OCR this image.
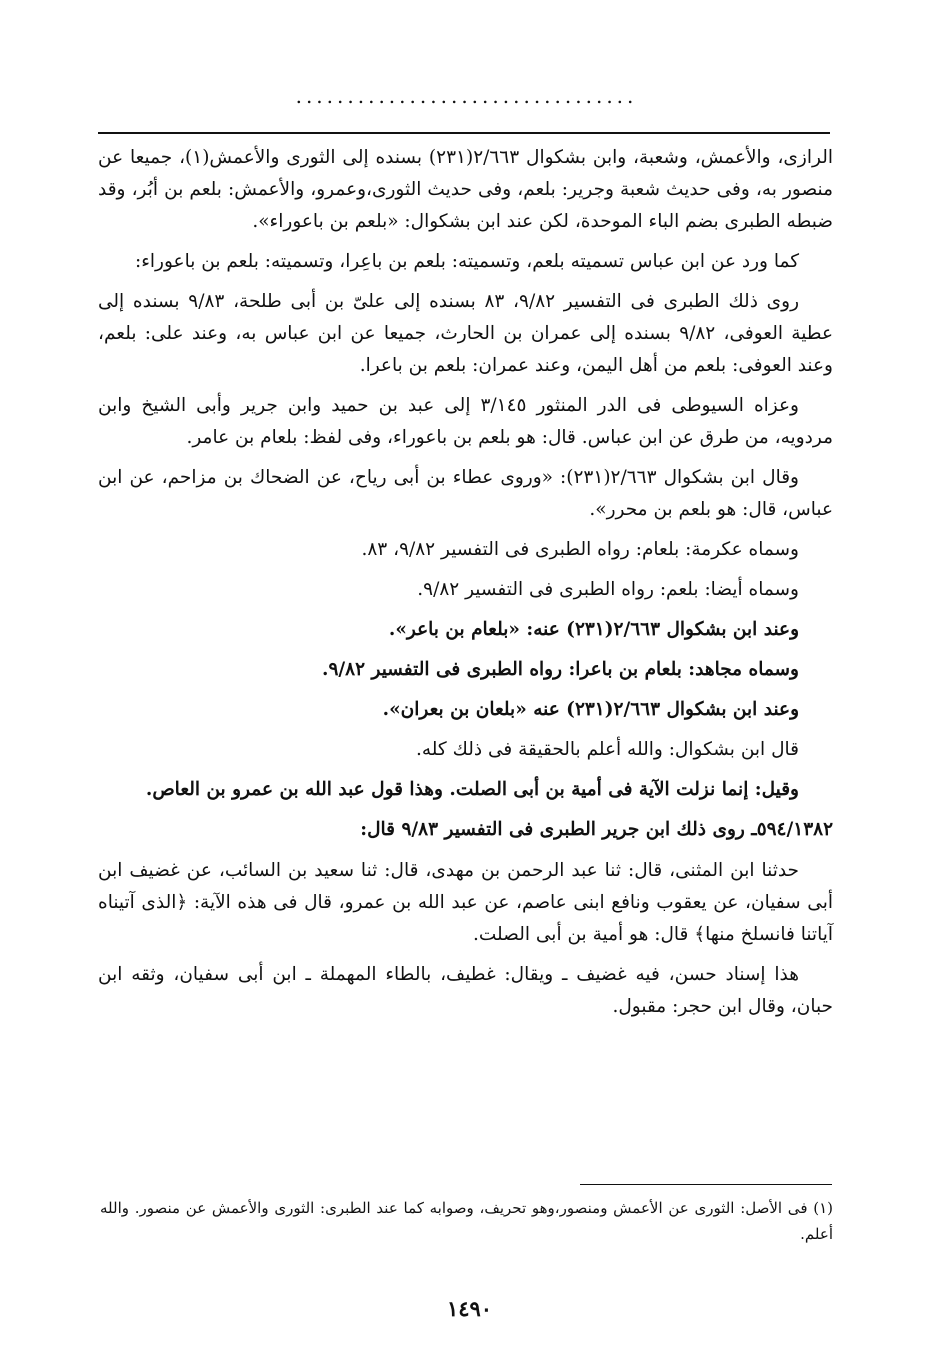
.................................

الرازى، والأعمش، وشعبة، وابن بشكوال ٢/٦٦٣(٢٣١) بسنده إلى الثورى والأعمش(١)، جميعا عن منصور به، وفى حديث شعبة وجرير: بلعم، وفى حديث الثورى،وعمرو، والأعمش: بلعم بن أبُر، وقد ضبطه الطبرى بضم الباء الموحدة، لكن عند ابن بشكوال: «بلعم بن باعوراء».

كما ورد عن ابن عباس تسميته بلعم، وتسميته: بلعم بن باعِرا، وتسميته: بلعم بن باعوراء:

روى ذلك الطبرى فى التفسير ٩/٨٢، ٨٣ بسنده إلى علىّ بن أبى طلحة، ٩/٨٣ بسنده إلى عطية العوفى، ٩/٨٢ بسنده إلى عمران بن الحارث، جميعا عن ابن عباس به، وعند على: بلعم، وعند العوفى: بلعم من أهل اليمن، وعند عمران: بلعم بن باعرا.

وعزاه السيوطى فى الدر المنثور ٣/١٤٥ إلى عبد بن حميد وابن جرير وأبى الشيخ وابن مردويه، من طرق عن ابن عباس. قال: هو بلعم بن باعوراء، وفى لفظ: بلعام بن عامر.

وقال ابن بشكوال ٢/٦٦٣(٢٣١): «وروى عطاء بن أبى رياح، عن الضحاك بن مزاحم، عن ابن عباس، قال: هو بلعم بن محرر».

وسماه عكرمة: بلعام: رواه الطبرى فى التفسير ٩/٨٢، ٨٣.

وسماه أيضا: بلعم: رواه الطبرى فى التفسير ٩/٨٢.

وعند ابن بشكوال ٢/٦٦٣(٢٣١) عنه: «بلعام بن باعر».

وسماه مجاهد: بلعام بن باعرا: رواه الطبرى فى التفسير ٩/٨٢.

وعند ابن بشكوال ٢/٦٦٣(٢٣١) عنه «بلعان بن بعران».

قال ابن بشكوال: والله أعلم بالحقيقة فى ذلك كله.

وقيل: إنما نزلت الآية فى أمية بن أبى الصلت. وهذا قول عبد الله بن عمرو بن العاص.

٥٩٤/١٣٨٢ـ روى ذلك ابن جرير الطبرى فى التفسير ٩/٨٣ قال:

حدثنا ابن المثنى، قال: ثنا عبد الرحمن بن مهدى، قال: ثنا سعيد بن السائب، عن غضيف ابن أبى سفيان، عن يعقوب ونافع ابنى عاصم، عن عبد الله بن عمرو، قال فى هذه الآية: ﴿الذى آتيناه آياتنا فانسلخ منها﴾ قال: هو أمية بن أبى الصلت.

هذا إسناد حسن، فيه غضيف ـ ويقال: غطيف، بالطاء المهملة ـ ابن أبى سفيان، وثقه ابن حبان، وقال ابن حجر: مقبول.

(١) فى الأصل: الثورى عن الأعمش ومنصور،وهو تحريف، وصوابه كما عند الطبرى: الثورى والأعمش عن منصور. والله أعلم.
١٤٩٠
